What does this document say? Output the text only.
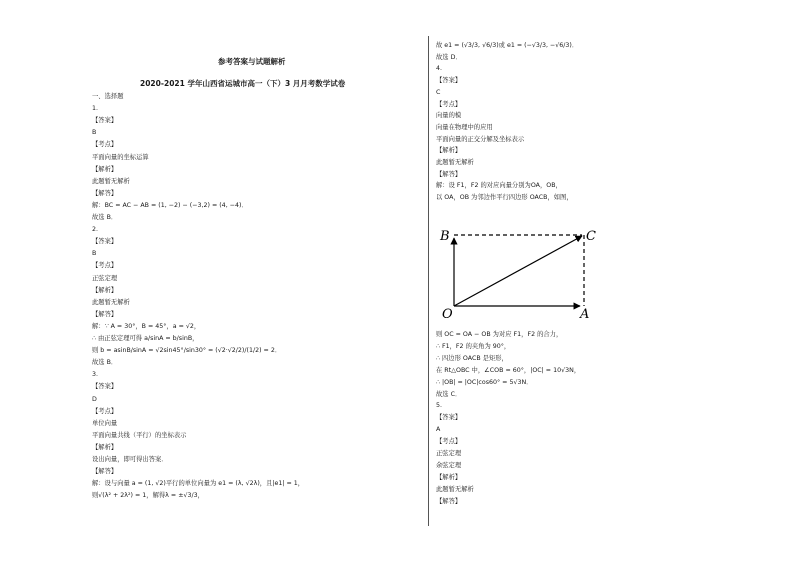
参考答案与试题解析
2020-2021 学年山西省运城市高一（下）3 月月考数学试卷
一、选择题
1.
【答案】
B
【考点】
平面向量的坐标运算
【解析】
此题暂无解析
【解答】
解：BC = AC − AB = (1, −2) − (−3,2) = (4, −4)．
故选 B．
2.
【答案】
B
【考点】
正弦定理
【解析】
此题暂无解析
【解答】
解：∵ A = 30°，B = 45°，a = √2，
∴ 由正弦定理可得 a/sinA = b/sinB，
则 b = asinB/sinA = √2sin45°/sin30° = (√2·√2/2)/(1/2) = 2．
故选 B．
3.
【答案】
D
【考点】
单位向量
平面向量共线（平行）的坐标表示
【解析】
设出向量，即可得出答案．
【解答】
解：设与向量 a = (1, √2)平行的单位向量为 e1 = (λ, √2λ)，且|e1| = 1，
则√(λ² + 2λ²) = 1，解得λ = ±√3/3，
故 e1 = (√3/3, √6/3)或 e1 = (−√3/3, −√6/3)．
故选 D．
4.
【答案】
C
【考点】
向量的模
向量在物理中的应用
平面向量的正交分解及坐标表示
【解析】
此题暂无解析
【解答】
解：设 F1，F2 的对应向量分别为OA，OB，
以 OA，OB 为邻边作平行四边形 OACB，如图，
则 OC = OA − OB 为对应 F1，F2 的合力，
∴ F1，F2 的夹角为 90°，
∴ 四边形 OACB 是矩形，
在 Rt△OBC 中，∠COB = 60°，|OC| = 10√3N，
∴ |OB| = |OC|cos60° = 5√3N．
故选 C．
5.
【答案】
A
【考点】
正弦定理
余弦定理
【解析】
此题暂无解析
【解答】
B	C
O	A
